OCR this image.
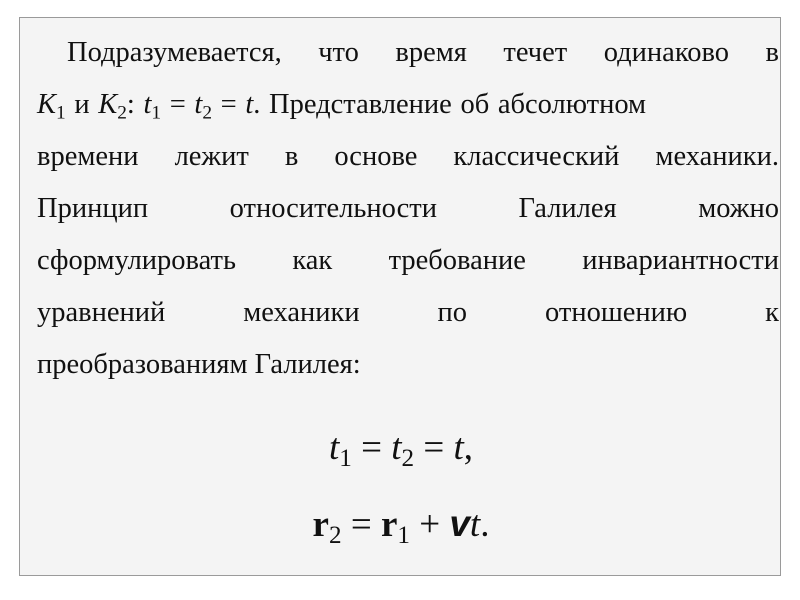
Подразумевается, что время течет одинаково в
$K_1$ и $K_2$: $t_1 = t_2 = t$. Представление об абсолютном
времени лежит в основе классический механики.
Принцип	относительности	Галилея	можно
сформулировать как требование инвариантности
уравнений	механики	по	отношению	к
преобразованиям Галилея:
$t_1 = t_2 = t$,
$r_2 = r_1$ + vt.
